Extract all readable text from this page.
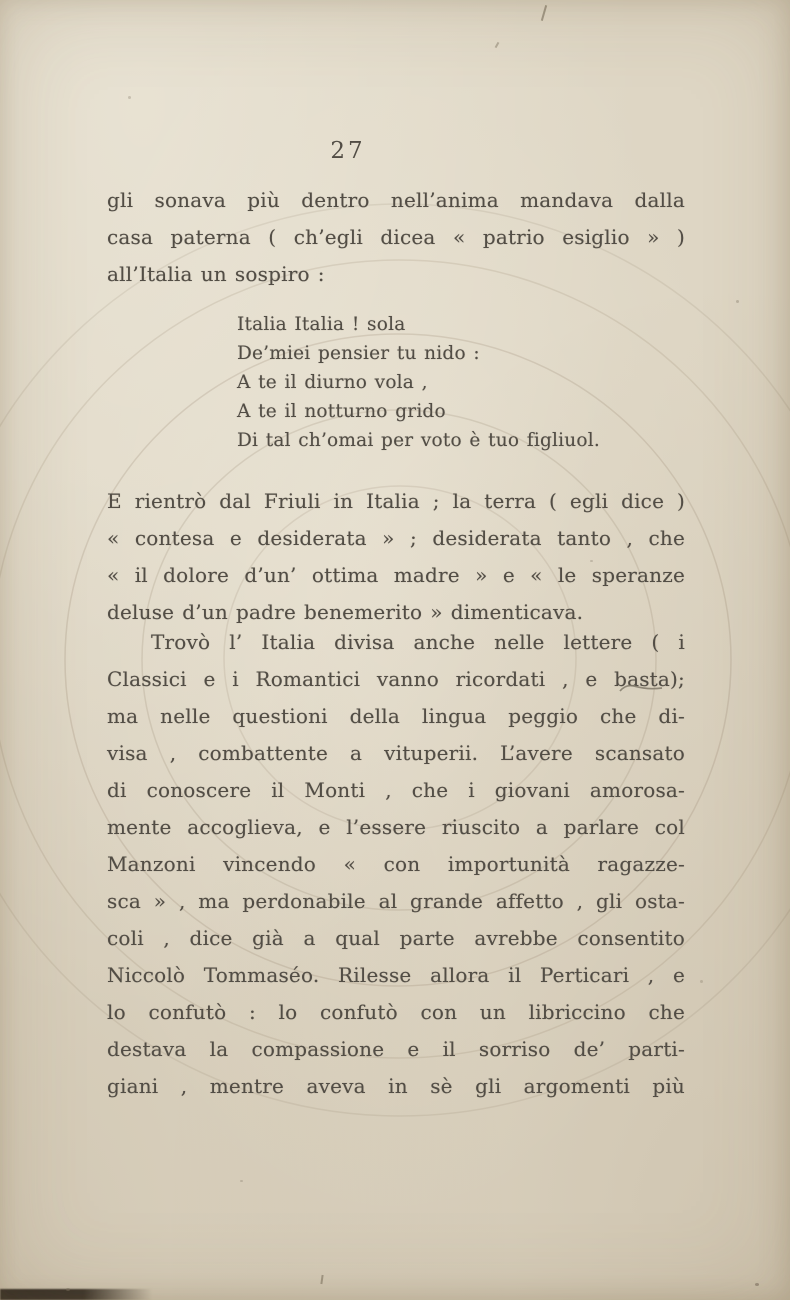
27
gli sonava più dentro nell’anima mandava dalla
casa paterna ( ch’egli dicea « patrio esiglio » )
all’Italia un sospiro :
Italia Italia ! sola
De’miei pensier tu nido :
A te il diurno vola ,
A te il notturno grido
Di tal ch’omai per voto è tuo figliuol.
E rientrò dal Friuli in Italia ; la terra ( egli dice )
« contesa e desiderata » ; desiderata tanto , che
« il dolore d’un’ ottima madre » e « le speranze
deluse d’un padre benemerito » dimenticava.
Trovò l’ Italia divisa anche nelle lettere ( i
Classici e i Romantici vanno ricordati , e basta);
ma nelle questioni della lingua peggio che di-
visa , combattente a vituperii. L’avere scansato
di conoscere il Monti , che i giovani amorosa-
mente accoglieva, e l’essere riuscito a parlare col
Manzoni vincendo « con importunità ragazze-
sca » , ma perdonabile al grande affetto , gli osta-
coli , dice già a qual parte avrebbe consentito
Niccolò Tommaséo. Rilesse allora il Perticari , e
lo confutò : lo confutò con un libriccino che
destava la compassione e il sorriso de’ parti-
giani , mentre aveva in sè gli argomenti più
